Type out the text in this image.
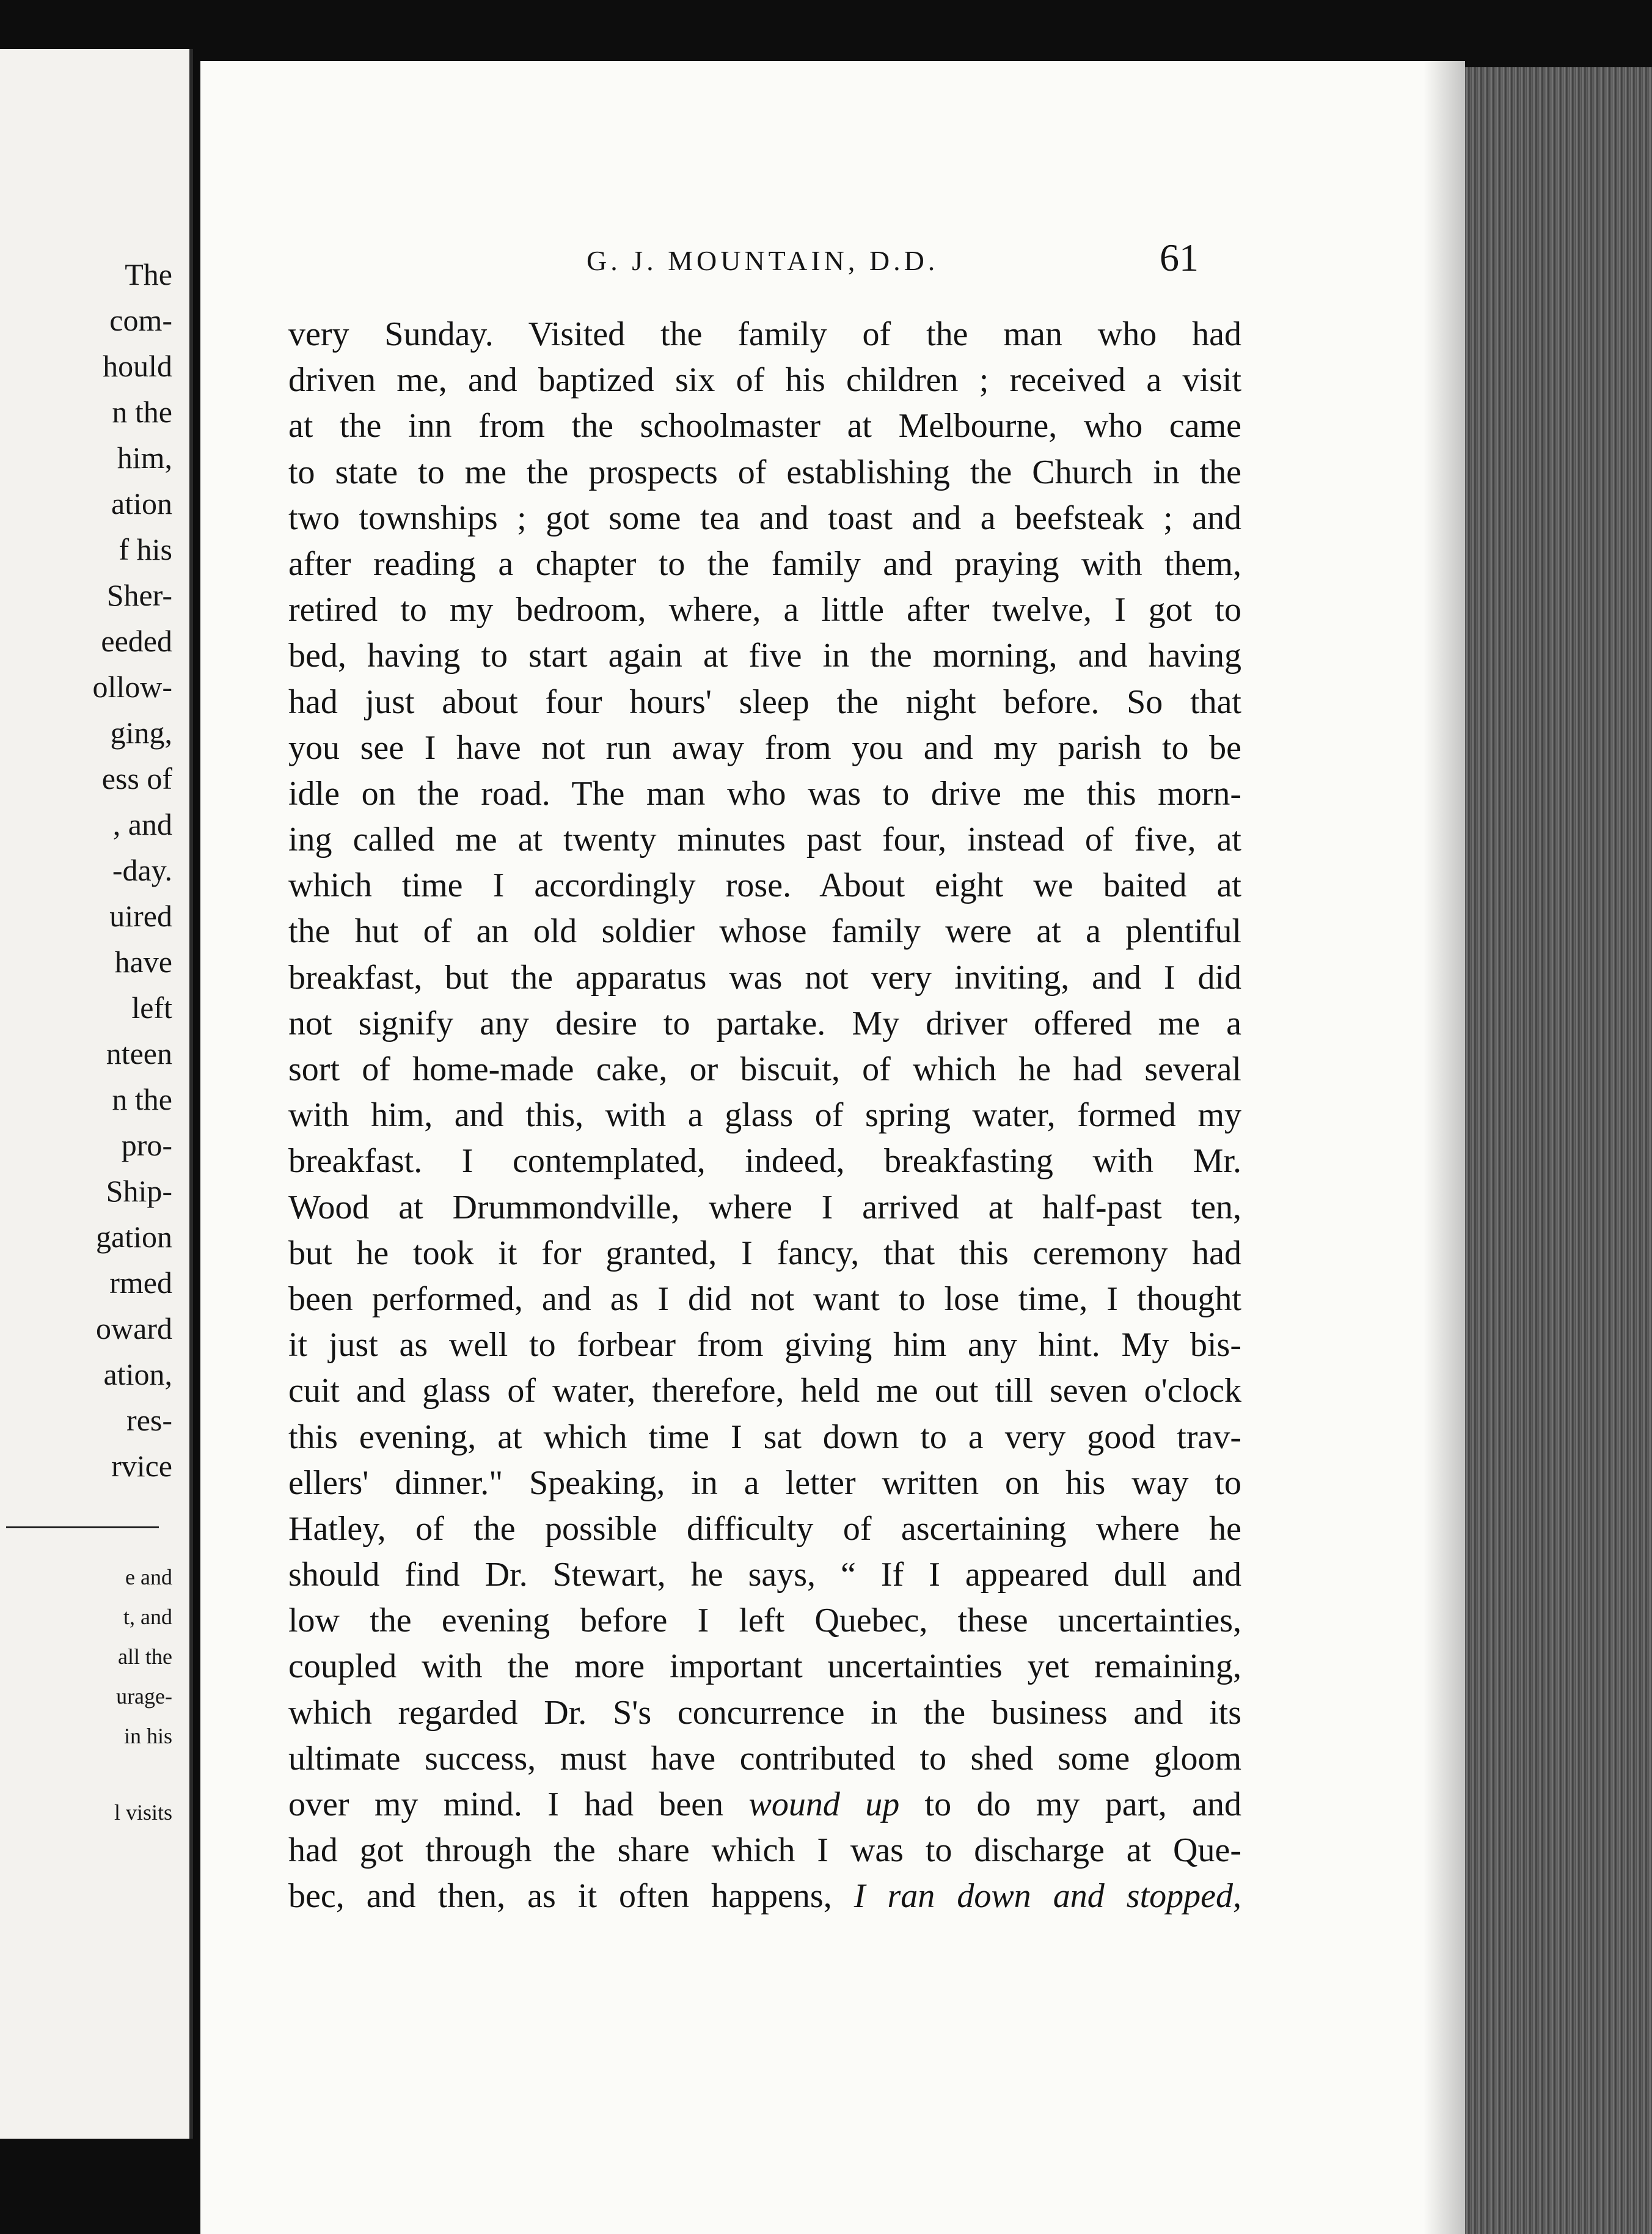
The
com-
hould
n the
him,
ation
f his
Sher-
eeded
ollow-
ging,
ess of
, and
-day.
uired
have
left
nteen
n the
pro-
Ship-
gation
rmed
oward
ation,
res-
rvice
e and
t, and
all the
urage-
in his
l visits
G. J. MOUNTAIN, D.D.	61
very Sunday. Visited the family of the man who had
driven me, and baptized six of his children ; received a visit
at the inn from the schoolmaster at Melbourne, who came
to state to me the prospects of establishing the Church in the
two townships ; got some tea and toast and a beefsteak ; and
after reading a chapter to the family and praying with them,
retired to my bedroom, where, a little after twelve, I got to
bed, having to start again at five in the morning, and having
had just about four hours' sleep the night before. So that
you see I have not run away from you and my parish to be
idle on the road. The man who was to drive me this morn-
ing called me at twenty minutes past four, instead of five, at
which time I accordingly rose. About eight we baited at
the hut of an old soldier whose family were at a plentiful
breakfast, but the apparatus was not very inviting, and I did
not signify any desire to partake. My driver offered me a
sort of home-made cake, or biscuit, of which he had several
with him, and this, with a glass of spring water, formed my
breakfast. I contemplated, indeed, breakfasting with Mr.
Wood at Drummondville, where I arrived at half-past ten,
but he took it for granted, I fancy, that this ceremony had
been performed, and as I did not want to lose time, I thought
it just as well to forbear from giving him any hint. My bis-
cuit and glass of water, therefore, held me out till seven o'clock
this evening, at which time I sat down to a very good trav-
ellers' dinner." Speaking, in a letter written on his way to
Hatley, of the possible difficulty of ascertaining where he
should find Dr. Stewart, he says, “ If I appeared dull and
low the evening before I left Quebec, these uncertainties,
coupled with the more important uncertainties yet remaining,
which regarded Dr. S's concurrence in the business and its
ultimate success, must have contributed to shed some gloom
over my mind. I had been wound up to do my part, and
had got through the share which I was to discharge at Que-
bec, and then, as it often happens, I ran down and stopped,
